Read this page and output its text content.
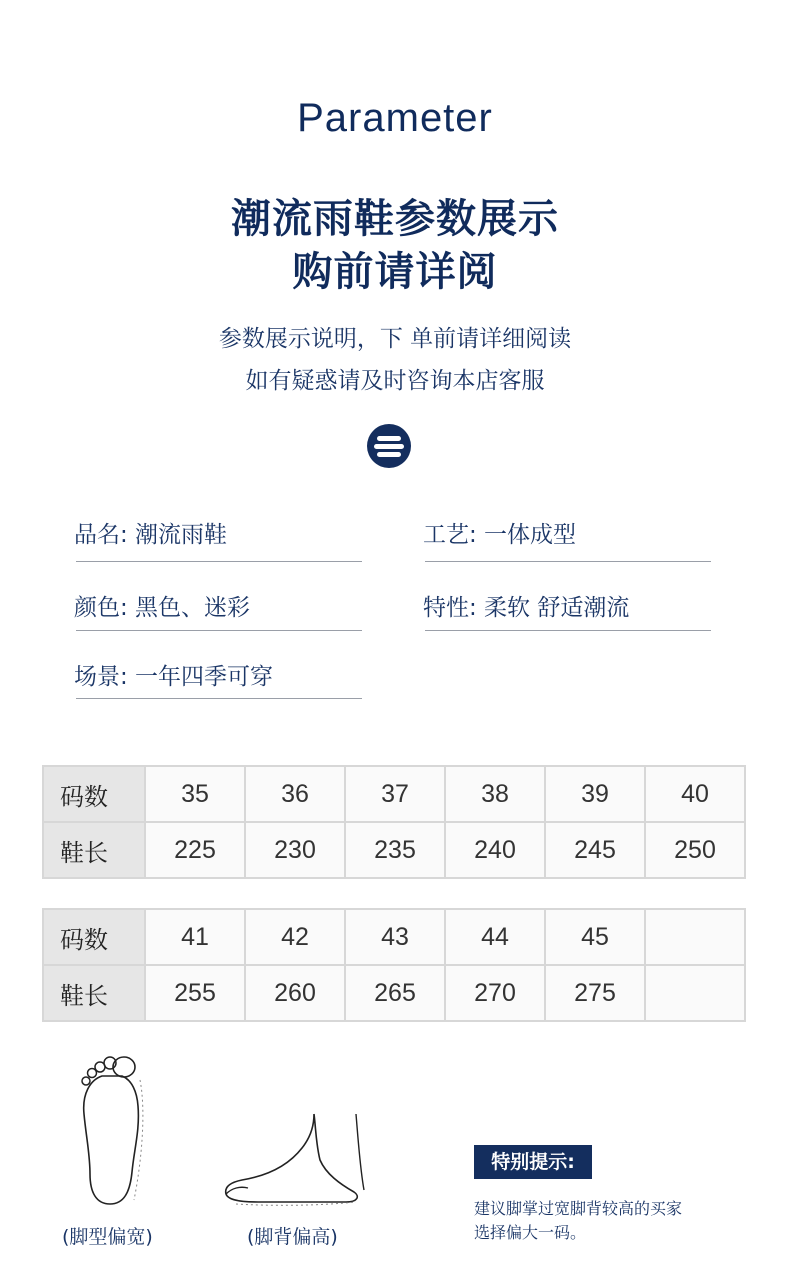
Parameter
潮流雨鞋参数展示
购前请详阅
参数展示说明，下 单前请详细阅读
如有疑惑请及时咨询本店客服
品名: 潮流雨鞋	工艺: 一体成型
颜色: 黑色、迷彩	特性: 柔软 舒适潮流
场景: 一年四季可穿
码数	35	36	37	38	39	40
鞋长	225	230	235	240	245	250
码数	41	42	43	44	45	
鞋长	255	260	265	270	275	
(脚型偏宽)	(脚背偏高)
特别提示:
建议脚掌过宽脚背较高的买家
选择偏大一码。
